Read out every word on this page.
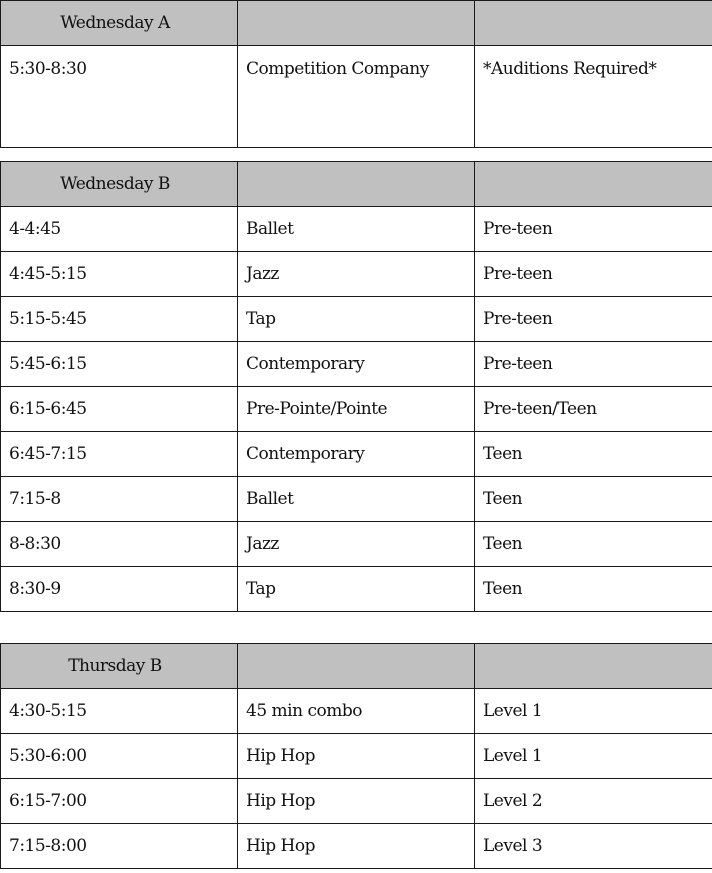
Wednesday A		
5:30-8:30	Competition Company	*Auditions Required*
Wednesday B		
4-4:45	Ballet	Pre-teen
4:45-5:15	Jazz	Pre-teen
5:15-5:45	Tap	Pre-teen
5:45-6:15	Contemporary	Pre-teen
6:15-6:45	Pre-Pointe/Pointe	Pre-teen/Teen
6:45-7:15	Contemporary	Teen
7:15-8	Ballet	Teen
8-8:30	Jazz	Teen
8:30-9	Tap	Teen
Thursday B		
4:30-5:15	45 min combo	Level 1
5:30-6:00	Hip Hop	Level 1
6:15-7:00	Hip Hop	Level 2
7:15-8:00	Hip Hop	Level 3
